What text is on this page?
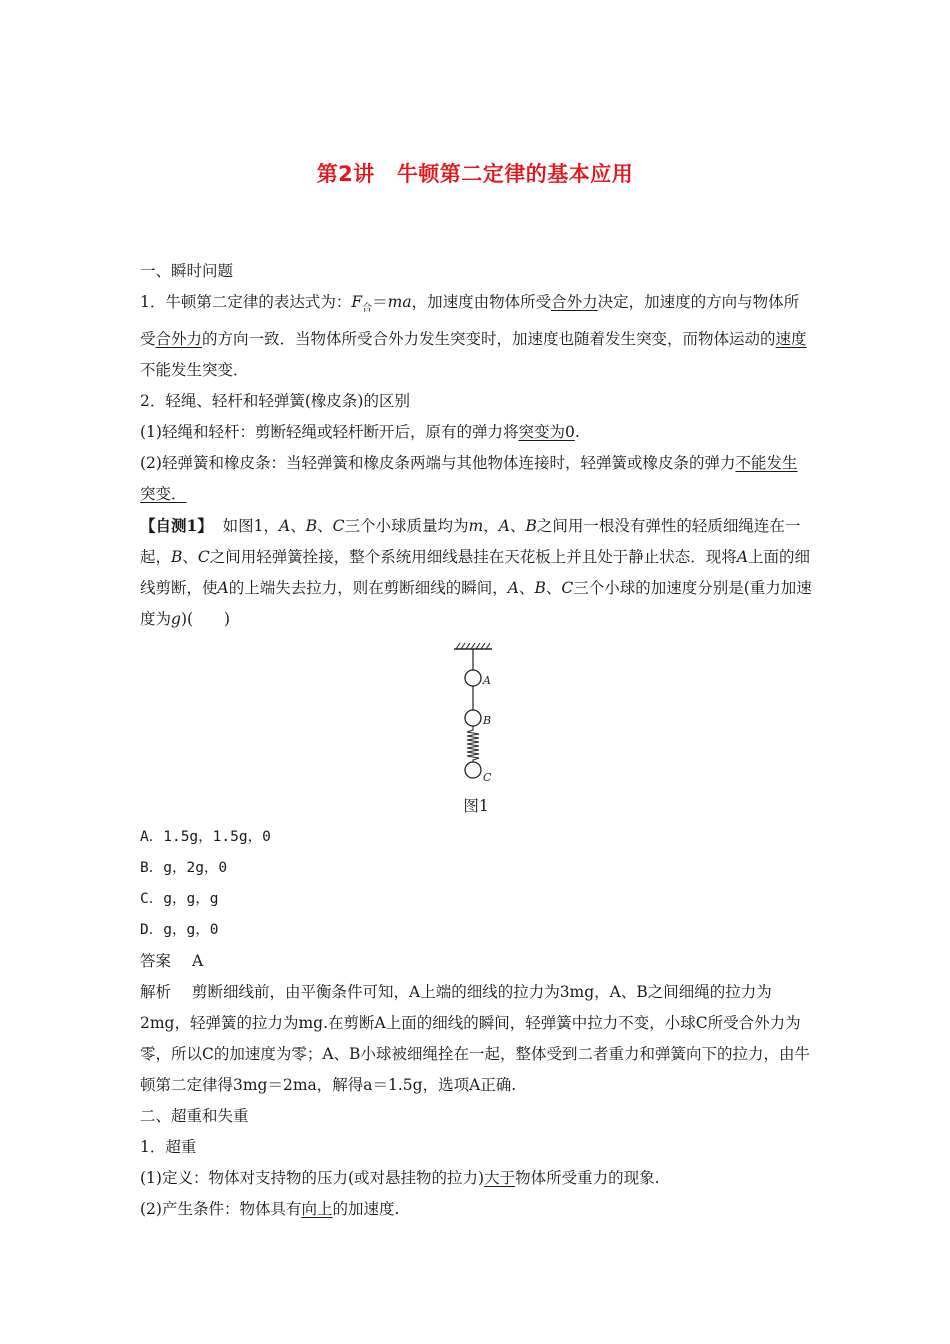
第2讲 牛顿第二定律的基本应用

一、瞬时问题

1．牛顿第二定律的表达式为：$F_合=ma$，加速度由物体所受合外力决定，加速度的方向与物体所受合外力的方向一致．当物体所受合外力发生突变时，加速度也随着发生突变，而物体运动的速度不能发生突变．

2．轻绳、轻杆和轻弹簧(橡皮条)的区别

(1)轻绳和轻杆：剪断轻绳或轻杆断开后，原有的弹力将突变为0.

(2)轻弹簧和橡皮条：当轻弹簧和橡皮条两端与其他物体连接时，轻弹簧或橡皮条的弹力不能发生突变．

【自测1】 如图1，A、B、C三个小球质量均为m，A、B之间用一根没有弹性的轻质细绳连在一起，B、C之间用轻弹簧拴接，整个系统用细线悬挂在天花板上并且处于静止状态．现将A上面的细线剪断，使A的上端失去拉力，则在剪断细线的瞬间，A、B、C三个小球的加速度分别是(重力加速度为g)(　　)

A
B
C

图1

A．1.5g，1.5g，0

B．g，2g，0

C．g，g，g

D．g，g，0

答案 A

解析 剪断细线前，由平衡条件可知，A上端的细线的拉力为3mg，A、B之间细绳的拉力为2mg，轻弹簧的拉力为mg.在剪断A上面的细线的瞬间，轻弹簧中拉力不变，小球C所受合外力为零，所以C的加速度为零；A、B小球被细绳拴在一起，整体受到二者重力和弹簧向下的拉力，由牛顿第二定律得3mg＝2ma，解得a＝1.5g，选项A正确.

二、超重和失重

1．超重

(1)定义：物体对支持物的压力(或对悬挂物的拉力)大于物体所受重力的现象.

(2)产生条件：物体具有向上的加速度.
